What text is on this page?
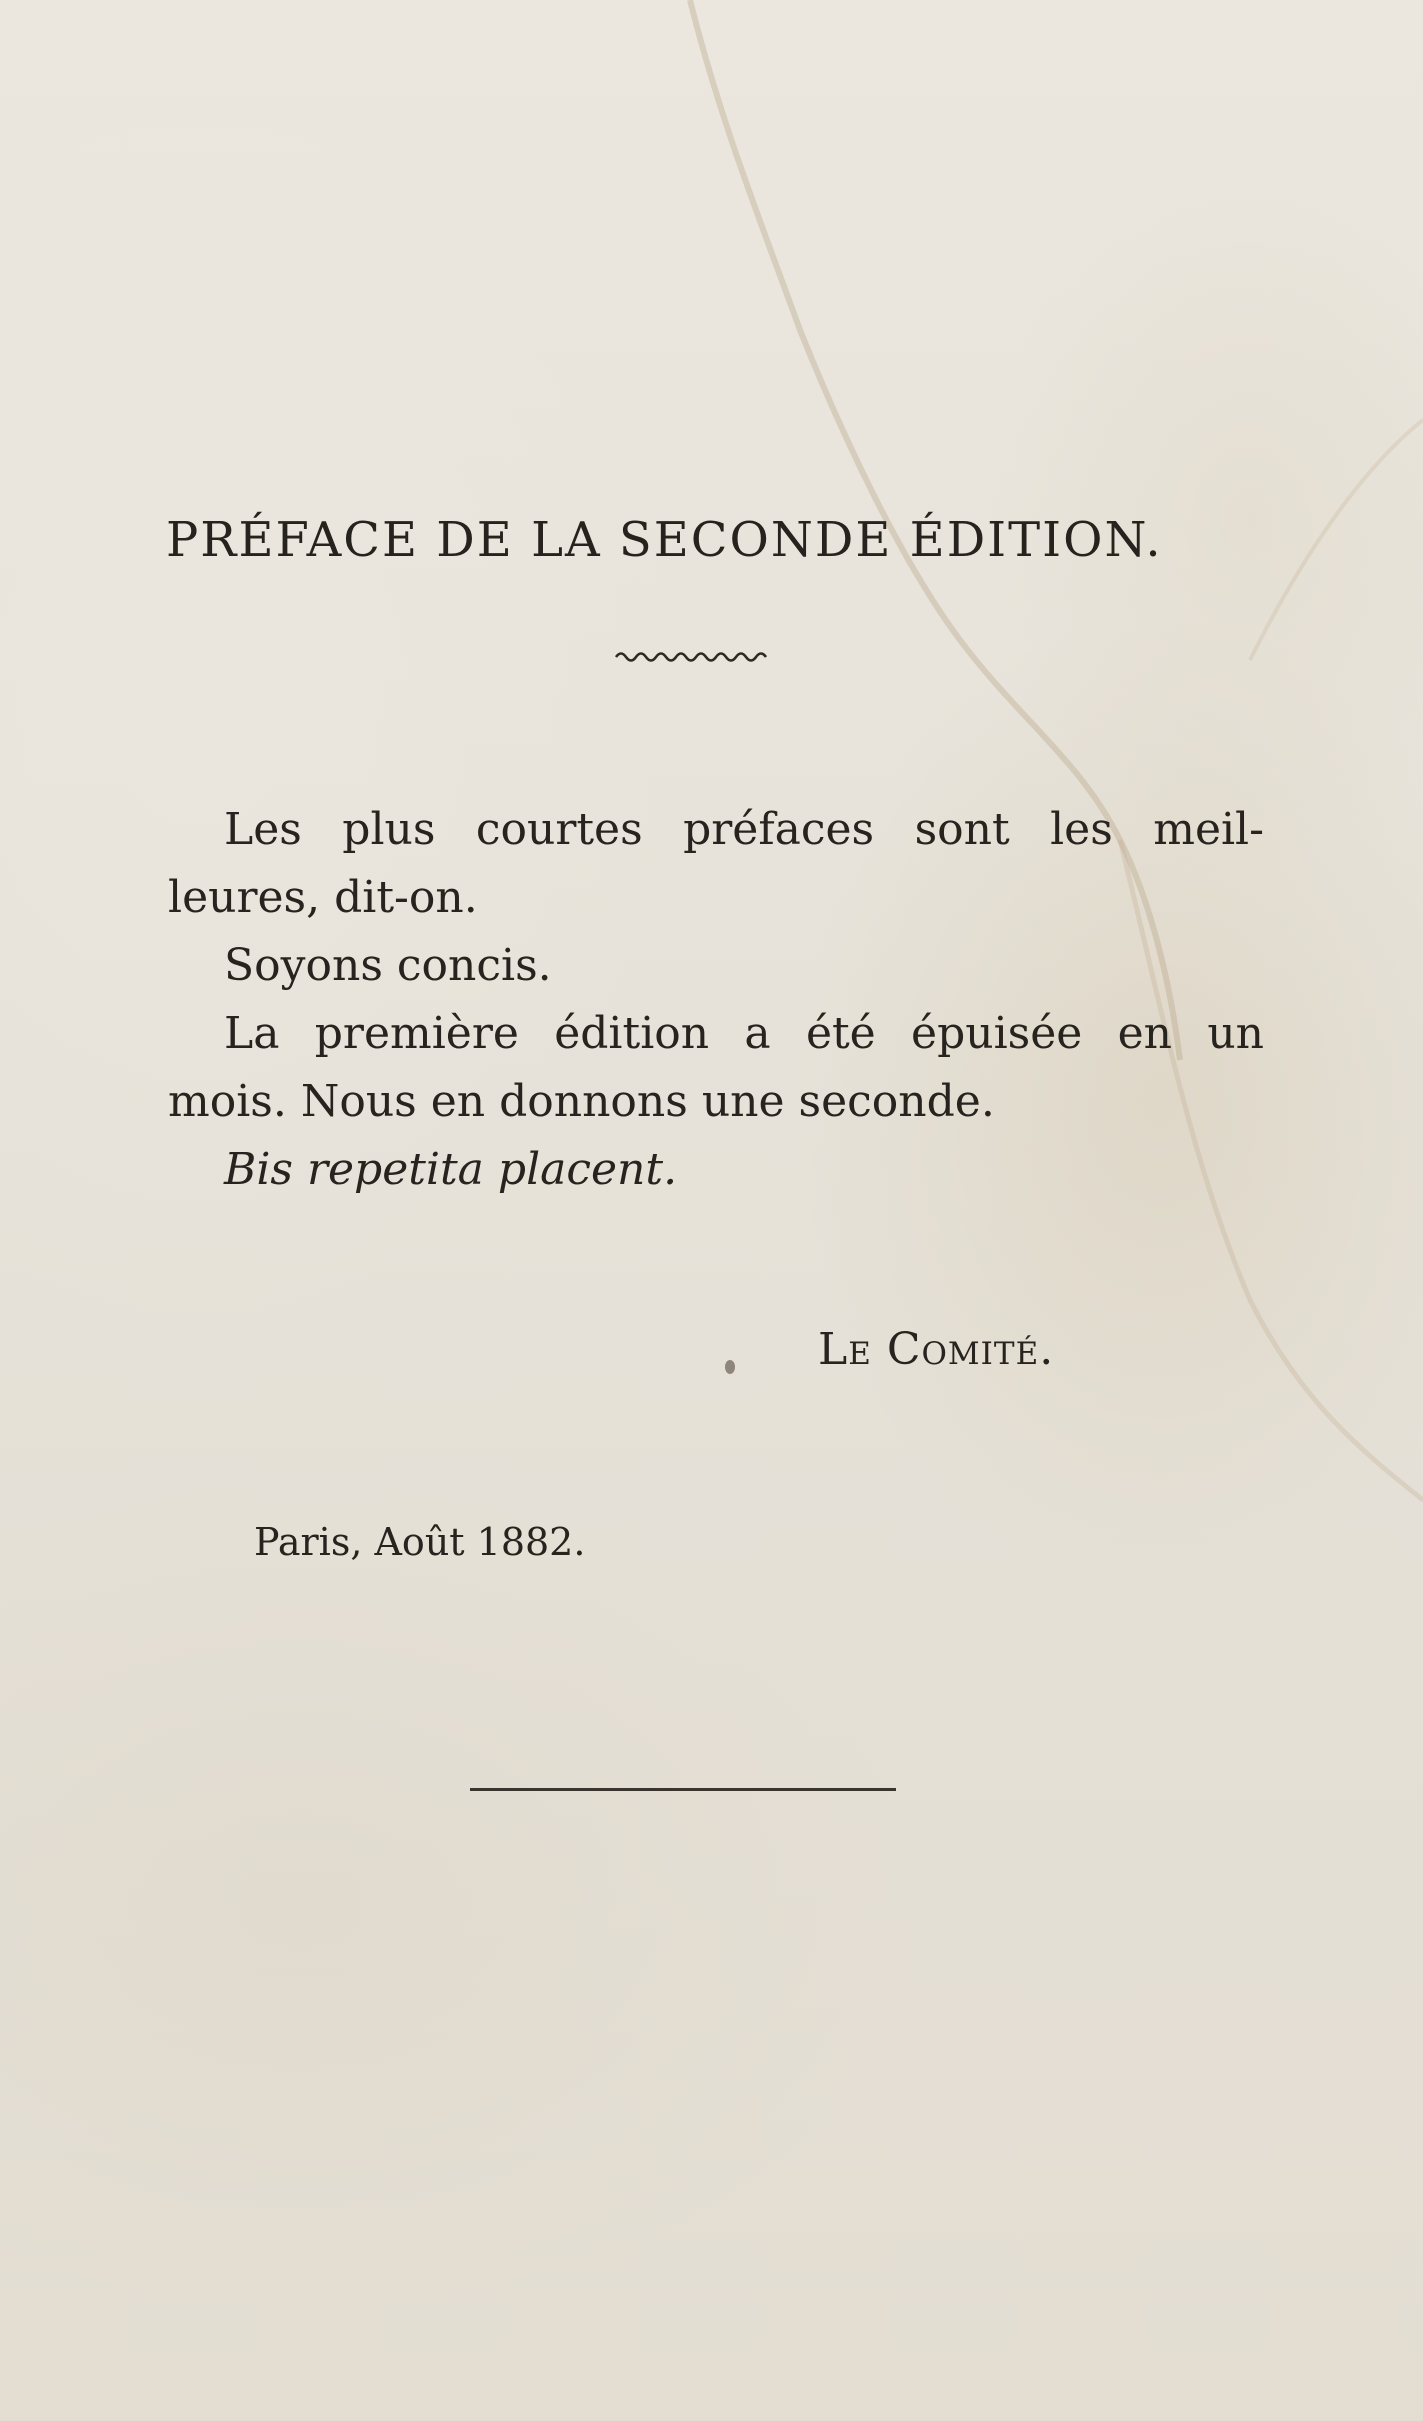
PRÉFACE DE LA SECONDE ÉDITION.
Les plus courtes préfaces sont les meil-
leures, dit-on.
Soyons concis.
La première édition a été épuisée en un
mois. Nous en donnons une seconde.
Bis repetita placent.
Le Comité.
Paris, Août 1882.
